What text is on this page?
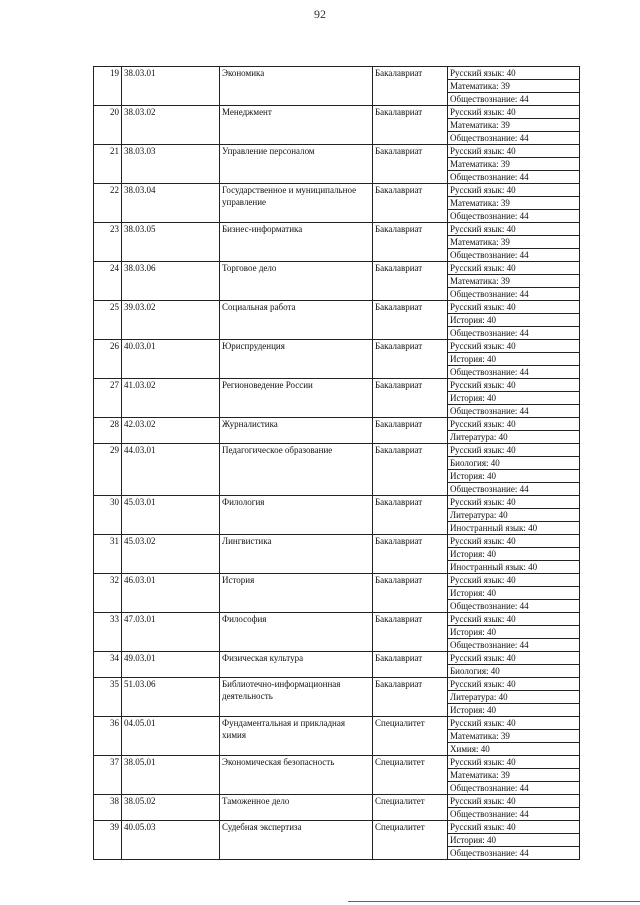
92
19	38.03.01	Экономика	Бакалавриат	Русский язык: 40
				Математика: 39
				Обществознание: 44
20	38.03.02	Менеджмент	Бакалавриат	Русский язык: 40
				Математика: 39
				Обществознание: 44
21	38.03.03	Управление персоналом	Бакалавриат	Русский язык: 40
				Математика: 39
				Обществознание: 44
22	38.03.04	Государственное и муниципальное управление	Бакалавриат	Русский язык: 40
				Математика: 39
				Обществознание: 44
23	38.03.05	Бизнес-информатика	Бакалавриат	Русский язык: 40
				Математика: 39
				Обществознание: 44
24	38.03.06	Торговое дело	Бакалавриат	Русский язык: 40
				Математика: 39
				Обществознание: 44
25	39.03.02	Социальная работа	Бакалавриат	Русский язык: 40
				История: 40
				Обществознание: 44
26	40.03.01	Юриспруденция	Бакалавриат	Русский язык: 40
				История: 40
				Обществознание: 44
27	41.03.02	Регионоведение России	Бакалавриат	Русский язык: 40
				История: 40
				Обществознание: 44
28	42.03.02	Журналистика	Бакалавриат	Русский язык: 40
				Литература: 40
29	44.03.01	Педагогическое образование	Бакалавриат	Русский язык: 40
				Биология: 40
				История: 40
				Обществознание: 44
30	45.03.01	Филология	Бакалавриат	Русский язык: 40
				Литература: 40
				Иностранный язык: 40
31	45.03.02	Лингвистика	Бакалавриат	Русский язык: 40
				История: 40
				Иностранный язык: 40
32	46.03.01	История	Бакалавриат	Русский язык: 40
				История: 40
				Обществознание: 44
33	47.03.01	Философия	Бакалавриат	Русский язык: 40
				История: 40
				Обществознание: 44
34	49.03.01	Физическая культура	Бакалавриат	Русский язык: 40
				Биология: 40
35	51.03.06	Библиотечно-информационная деятельность	Бакалавриат	Русский язык: 40
				Литература: 40
				История: 40
36	04.05.01	Фундаментальная и прикладная химия	Специалитет	Русский язык: 40
				Математика: 39
				Химия: 40
37	38.05.01	Экономическая безопасность	Специалитет	Русский язык: 40
				Математика: 39
				Обществознание: 44
38	38.05.02	Таможенное дело	Специалитет	Русский язык: 40
				Обществознание: 44
39	40.05.03	Судебная экспертиза	Специалитет	Русский язык: 40
				История: 40
				Обществознание: 44
